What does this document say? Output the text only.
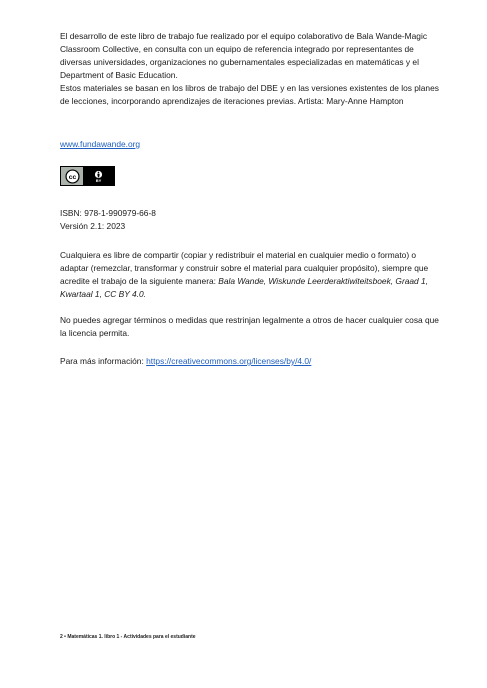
El desarrollo de este libro de trabajo fue realizado por el equipo colaborativo de Bala Wande-Magic Classroom Collective, en consulta con un equipo de referencia integrado por representantes de diversas universidades, organizaciones no gubernamentales especializadas en matemáticas y el Department of Basic Education.
Estos materiales se basan en los libros de trabajo del DBE y en las versiones existentes de los planes de lecciones, incorporando aprendizajes de iteraciones previas. Artista: Mary-Anne Hampton

www.fundawande.org

cc	BY

ISBN: 978-1-990979-66-8
Versión 2.1: 2023

Cualquiera es libre de compartir (copiar y redistribuir el material en cualquier medio o formato) o adaptar (remezclar, transformar y construir sobre el material para cualquier propósito), siempre que acredite el trabajo de la siguiente manera: Bala Wande, Wiskunde Leerderaktiwiteitsboek, Graad 1, Kwartaal 1, CC BY 4.0.

No puedes agregar términos o medidas que restrinjan legalmente a otros de hacer cualquier cosa que la licencia permita.

Para más información: https://creativecommons.org/licenses/by/4.0/

2 • Matemáticas 1. libro 1 - Actividades para el estudiante
